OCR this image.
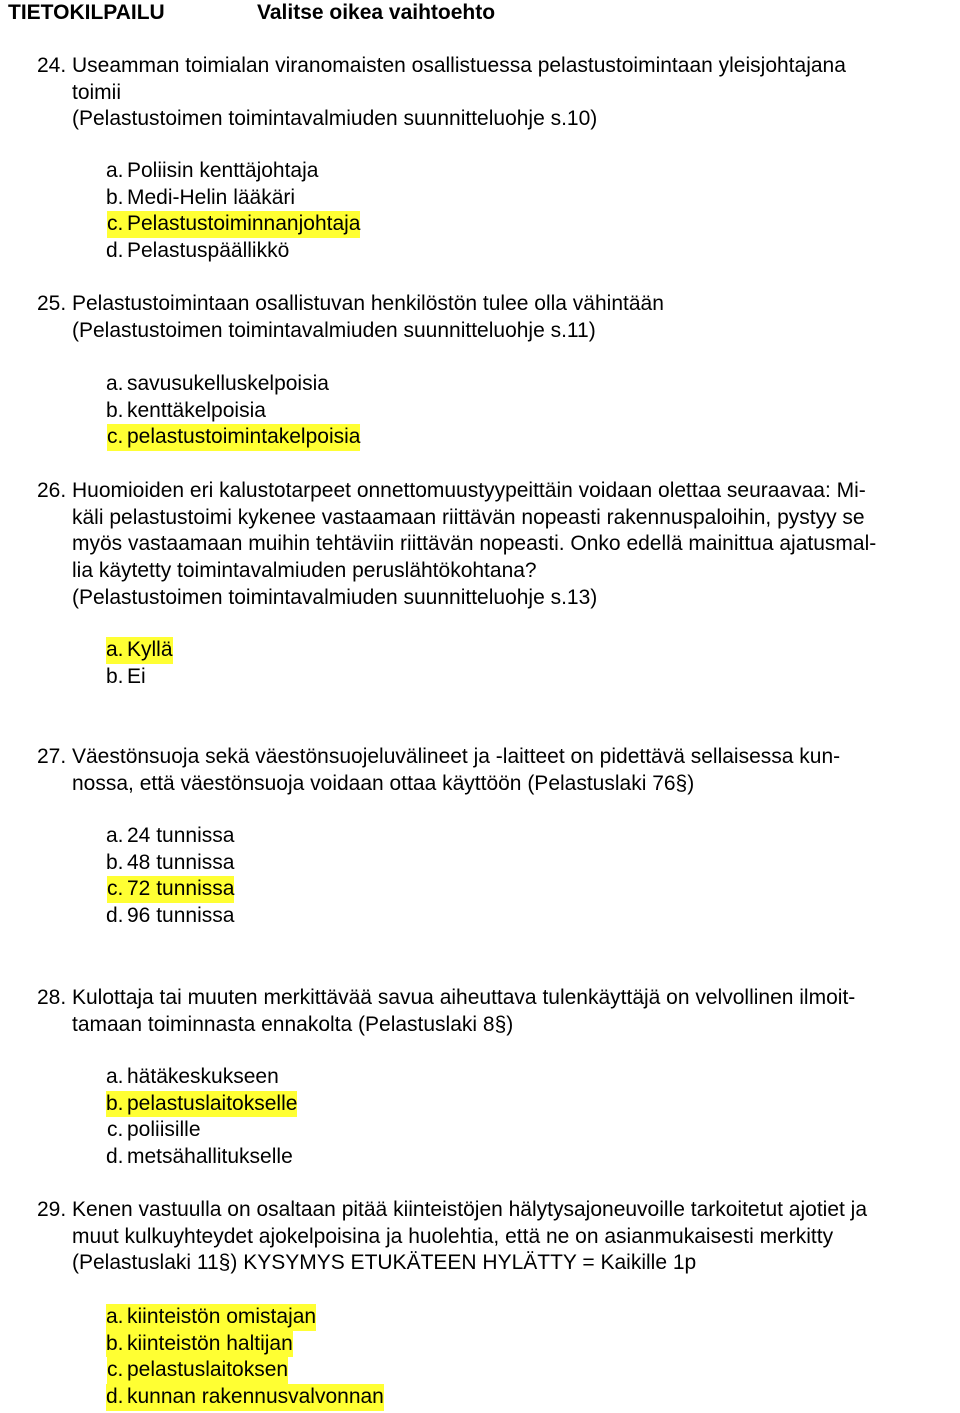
TIETOKILPAILU	Valitse oikea vaihtoehto
24. Useamman toimialan viranomaisten osallistuessa pelastustoimintaan yleisjohtajana

toimii

(Pelastustoimen toimintavalmiuden suunnitteluohje s.10)

a. Poliisin kenttäjohtaja
b. Medi-Helin lääkäri
c. Pelastustoiminnanjohtaja
d. Pelastuspäällikkö
25. Pelastustoimintaan osallistuvan henkilöstön tulee olla vähintään

(Pelastustoimen toimintavalmiuden suunnitteluohje s.11)

a. savusukelluskelpoisia
b. kenttäkelpoisia
c. pelastustoimintakelpoisia
26. Huomioiden eri kalustotarpeet onnettomuustyypeittäin voidaan olettaa seuraavaa: Mi-

käli pelastustoimi kykenee vastaamaan riittävän nopeasti rakennuspaloihin, pystyy se

myös vastaamaan muihin tehtäviin riittävän nopeasti. Onko edellä mainittua ajatusmal-

lia käytetty toimintavalmiuden peruslähtökohtana?

(Pelastustoimen toimintavalmiuden suunnitteluohje s.13)

a. Kyllä
b. Ei
27. Väestönsuoja sekä väestönsuojeluvälineet ja -laitteet on pidettävä sellaisessa kun-

nossa, että väestönsuoja voidaan ottaa käyttöön (Pelastuslaki 76§)

a. 24 tunnissa
b. 48 tunnissa
c. 72 tunnissa
d. 96 tunnissa
28. Kulottaja tai muuten merkittävää savua aiheuttava tulenkäyttäjä on velvollinen ilmoit-

tamaan toiminnasta ennakolta (Pelastuslaki 8§)

a. hätäkeskukseen
b. pelastuslaitokselle
c. poliisille
d. metsähallitukselle
29. Kenen vastuulla on osaltaan pitää kiinteistöjen hälytysajoneuvoille tarkoitetut ajotiet ja

muut kulkuyhteydet ajokelpoisina ja huolehtia, että ne on asianmukaisesti merkitty

(Pelastuslaki 11§) KYSYMYS ETUKÄTEEN HYLÄTTY = Kaikille 1p

a. kiinteistön omistajan
b. kiinteistön haltijan
c. pelastuslaitoksen
d. kunnan rakennusvalvonnan
